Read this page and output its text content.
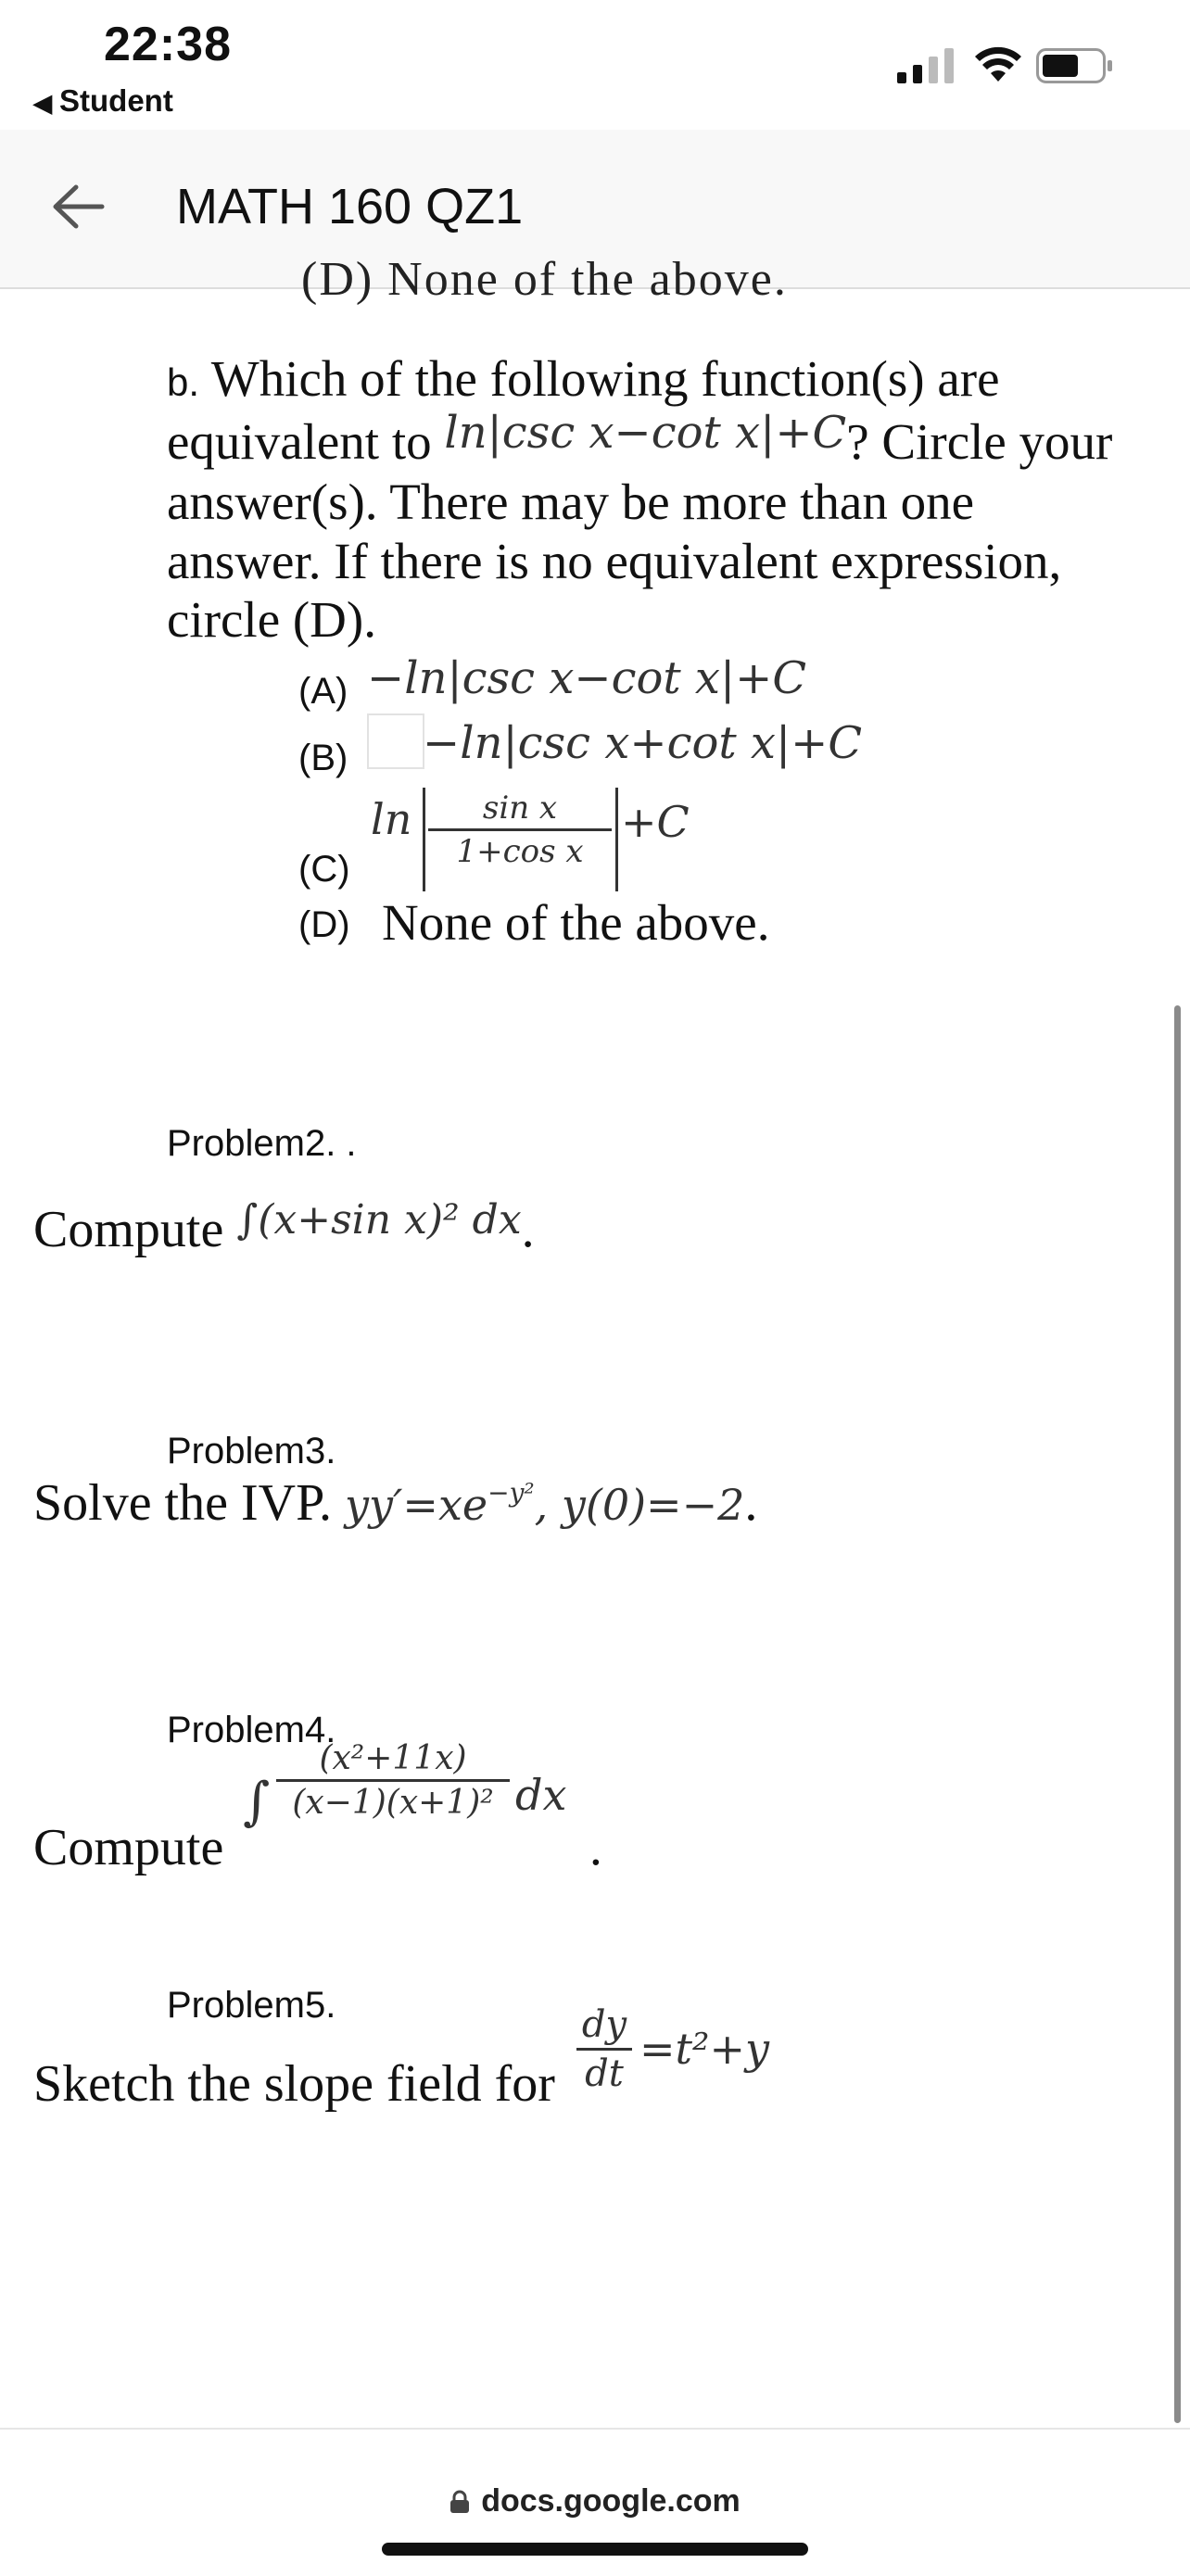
22:38
◀ Student
MATH 160 QZ1
(D) None of the above.
b. Which of the following function(s) are
equivalent to ln|csc x−cot x|+C? Circle your
answer(s). There may be more than one
answer. If there is no equivalent expression,
circle (D).
(A) −ln|csc x−cot x|+C
(B) −ln|csc x+cot x|+C
ln	sin x
1+cos x
+C
(C)
(D) None of the above.
Problem2. .
Compute $^{\int(x+sin x)^2 dx}$.
Problem3.
Solve the IVP. $yy'=xe^{-y^2}$, y(0)=−2.
Problem4.
Compute
∫
(x²+11x)
(x−1)(x+1)² dx
.
Problem5.
Sketch the slope field for
dy
dt =t²+y
docs.google.com
